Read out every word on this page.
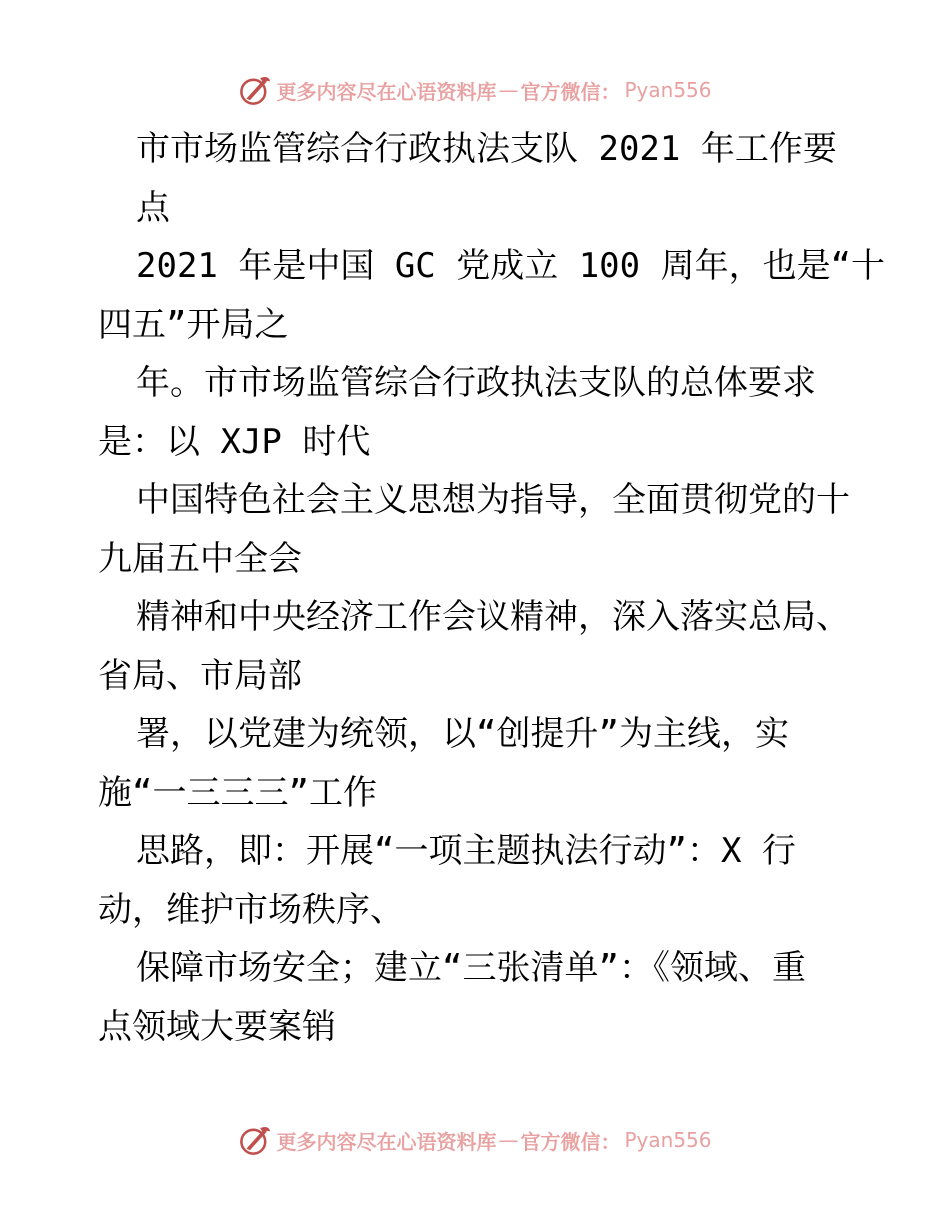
更多内容尽在心语资料库 — 官方微信： Pyan556

市市场监管综合行政执法支队 2021 年工作要

点

2021 年是中国 GC 党成立 100 周年，也是“十

四五”开局之

年。市市场监管综合行政执法支队的总体要求

是：以 XJP 时代

中国特色社会主义思想为指导，全面贯彻党的十

九届五中全会

精神和中央经济工作会议精神，深入落实总局、

省局、市局部

署，以党建为统领，以“创提升”为主线，实

施“一三三三”工作

思路，即：开展“一项主题执法行动”：X 行

动，维护市场秩序、

保障市场安全；建立“三张清单”：《领域、重

点领域大要案销

更多内容尽在心语资料库 — 官方微信： Pyan556
